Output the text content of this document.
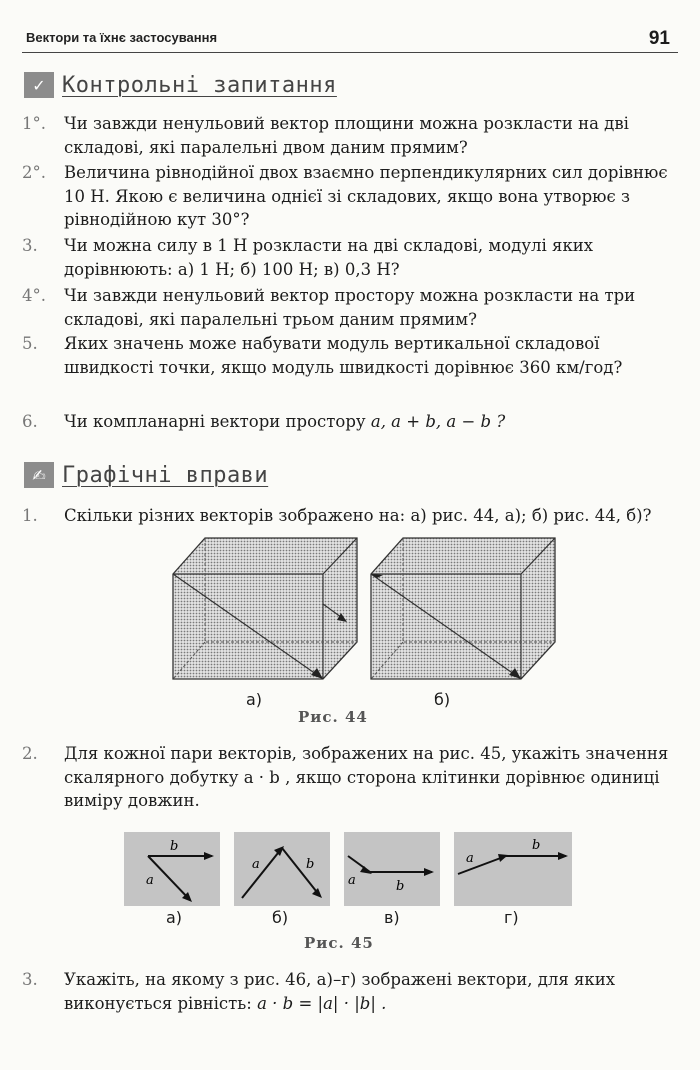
Вектори та їхнє застосування	91
✓ Контрольні запитання
1°.	Чи завжди ненульовий вектор площини можна розкласти на дві складові, які паралельні двом даним прямим?
2°.	Величина рівнодійної двох взаємно перпендикулярних сил дорівнює 10 Н. Якою є величина однієї зі складових, якщо вона утворює з рівнодійною кут 30°?
3.	Чи можна силу в 1 Н розкласти на дві складові, модулі яких дорівнюють: а) 1 Н; б) 100 Н; в) 0,3 Н?
4°.	Чи завжди ненульовий вектор простору можна розкласти на три складові, які паралельні трьом даним прямим?
5.	Яких значень може набувати модуль вертикальної складової швидкості точки, якщо модуль швидкості дорівнює 360 км/год?
6.	Чи компланарні вектори простору a, a + b, a − b ?
✍ Графічні вправи
1.	Скільки різних векторів зображено на: а) рис. 44, а); б) рис. 44, б)?
а)	б)
Рис. 44
2.	Для кожної пари векторів, зображених на рис. 45, укажіть значення скалярного добутку a · b , якщо сторона клітинки дорівнює одиниці виміру довжин.
b
a
a	b
a	b
a
b
а)	б)	в)	г)
Рис. 45
3.	Укажіть, на якому з рис. 46, а)–г) зображені вектори, для яких виконується рівність: a · b = |a| · |b| .
